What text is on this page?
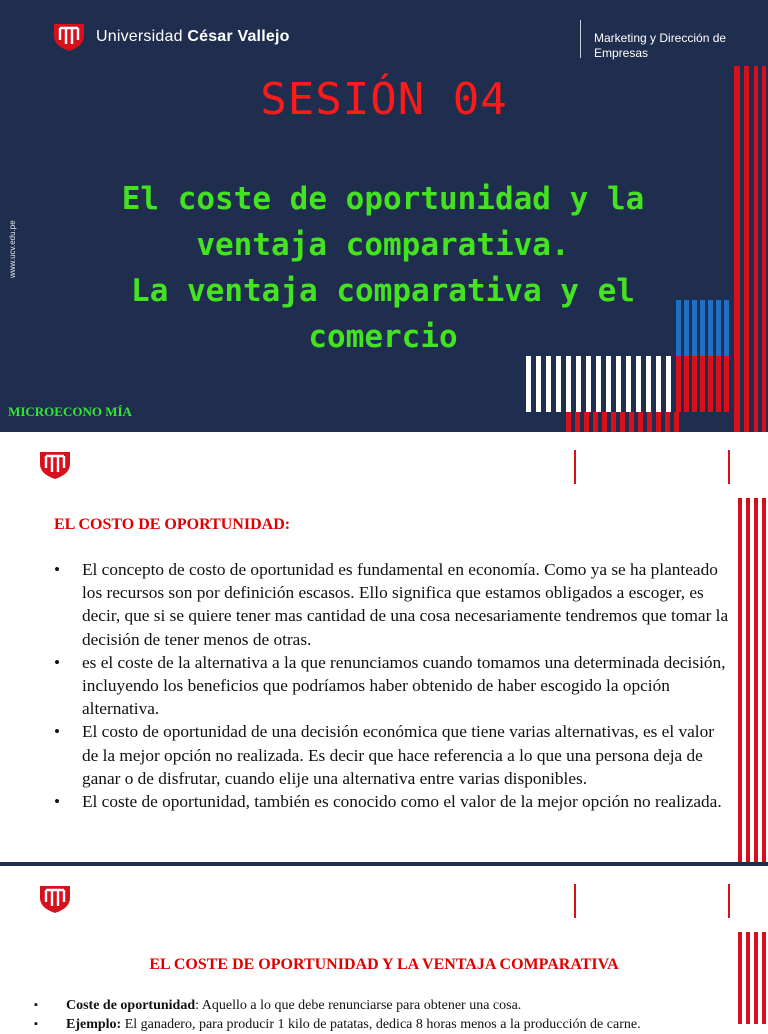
Universidad César Vallejo	Marketing y Dirección de Empresas
SESIÓN 04
El coste de oportunidad y la
ventaja comparativa.
La ventaja comparativa y el
comercio
www.ucv.edu.pe
MICROECONO MÍA
EL COSTO DE OPORTUNIDAD:
• El concepto de costo de oportunidad es fundamental en economía. Como ya se ha planteado los recursos son por definición escasos. Ello significa que estamos obligados a escoger, es decir, que si se quiere tener mas cantidad de una cosa necesariamente tendremos que tomar la decisión de tener menos de otras.
• es el coste de la alternativa a la que renunciamos cuando tomamos una determinada decisión, incluyendo los beneficios que podríamos haber obtenido de haber escogido la opción alternativa.
• El costo de oportunidad de una decisión económica que tiene varias alternativas, es el valor de la mejor opción no realizada. Es decir que hace referencia a lo que una persona deja de ganar o de disfrutar, cuando elije una alternativa entre varias disponibles.
• El coste de oportunidad, también es conocido como el valor de la mejor opción no realizada.
EL COSTE DE OPORTUNIDAD Y LA VENTAJA COMPARATIVA
▪ Coste de oportunidad: Aquello a lo que debe renunciarse para obtener una cosa.
▪ Ejemplo: El ganadero, para producir 1 kilo de patatas, dedica 8 horas menos a la producción de carne.
